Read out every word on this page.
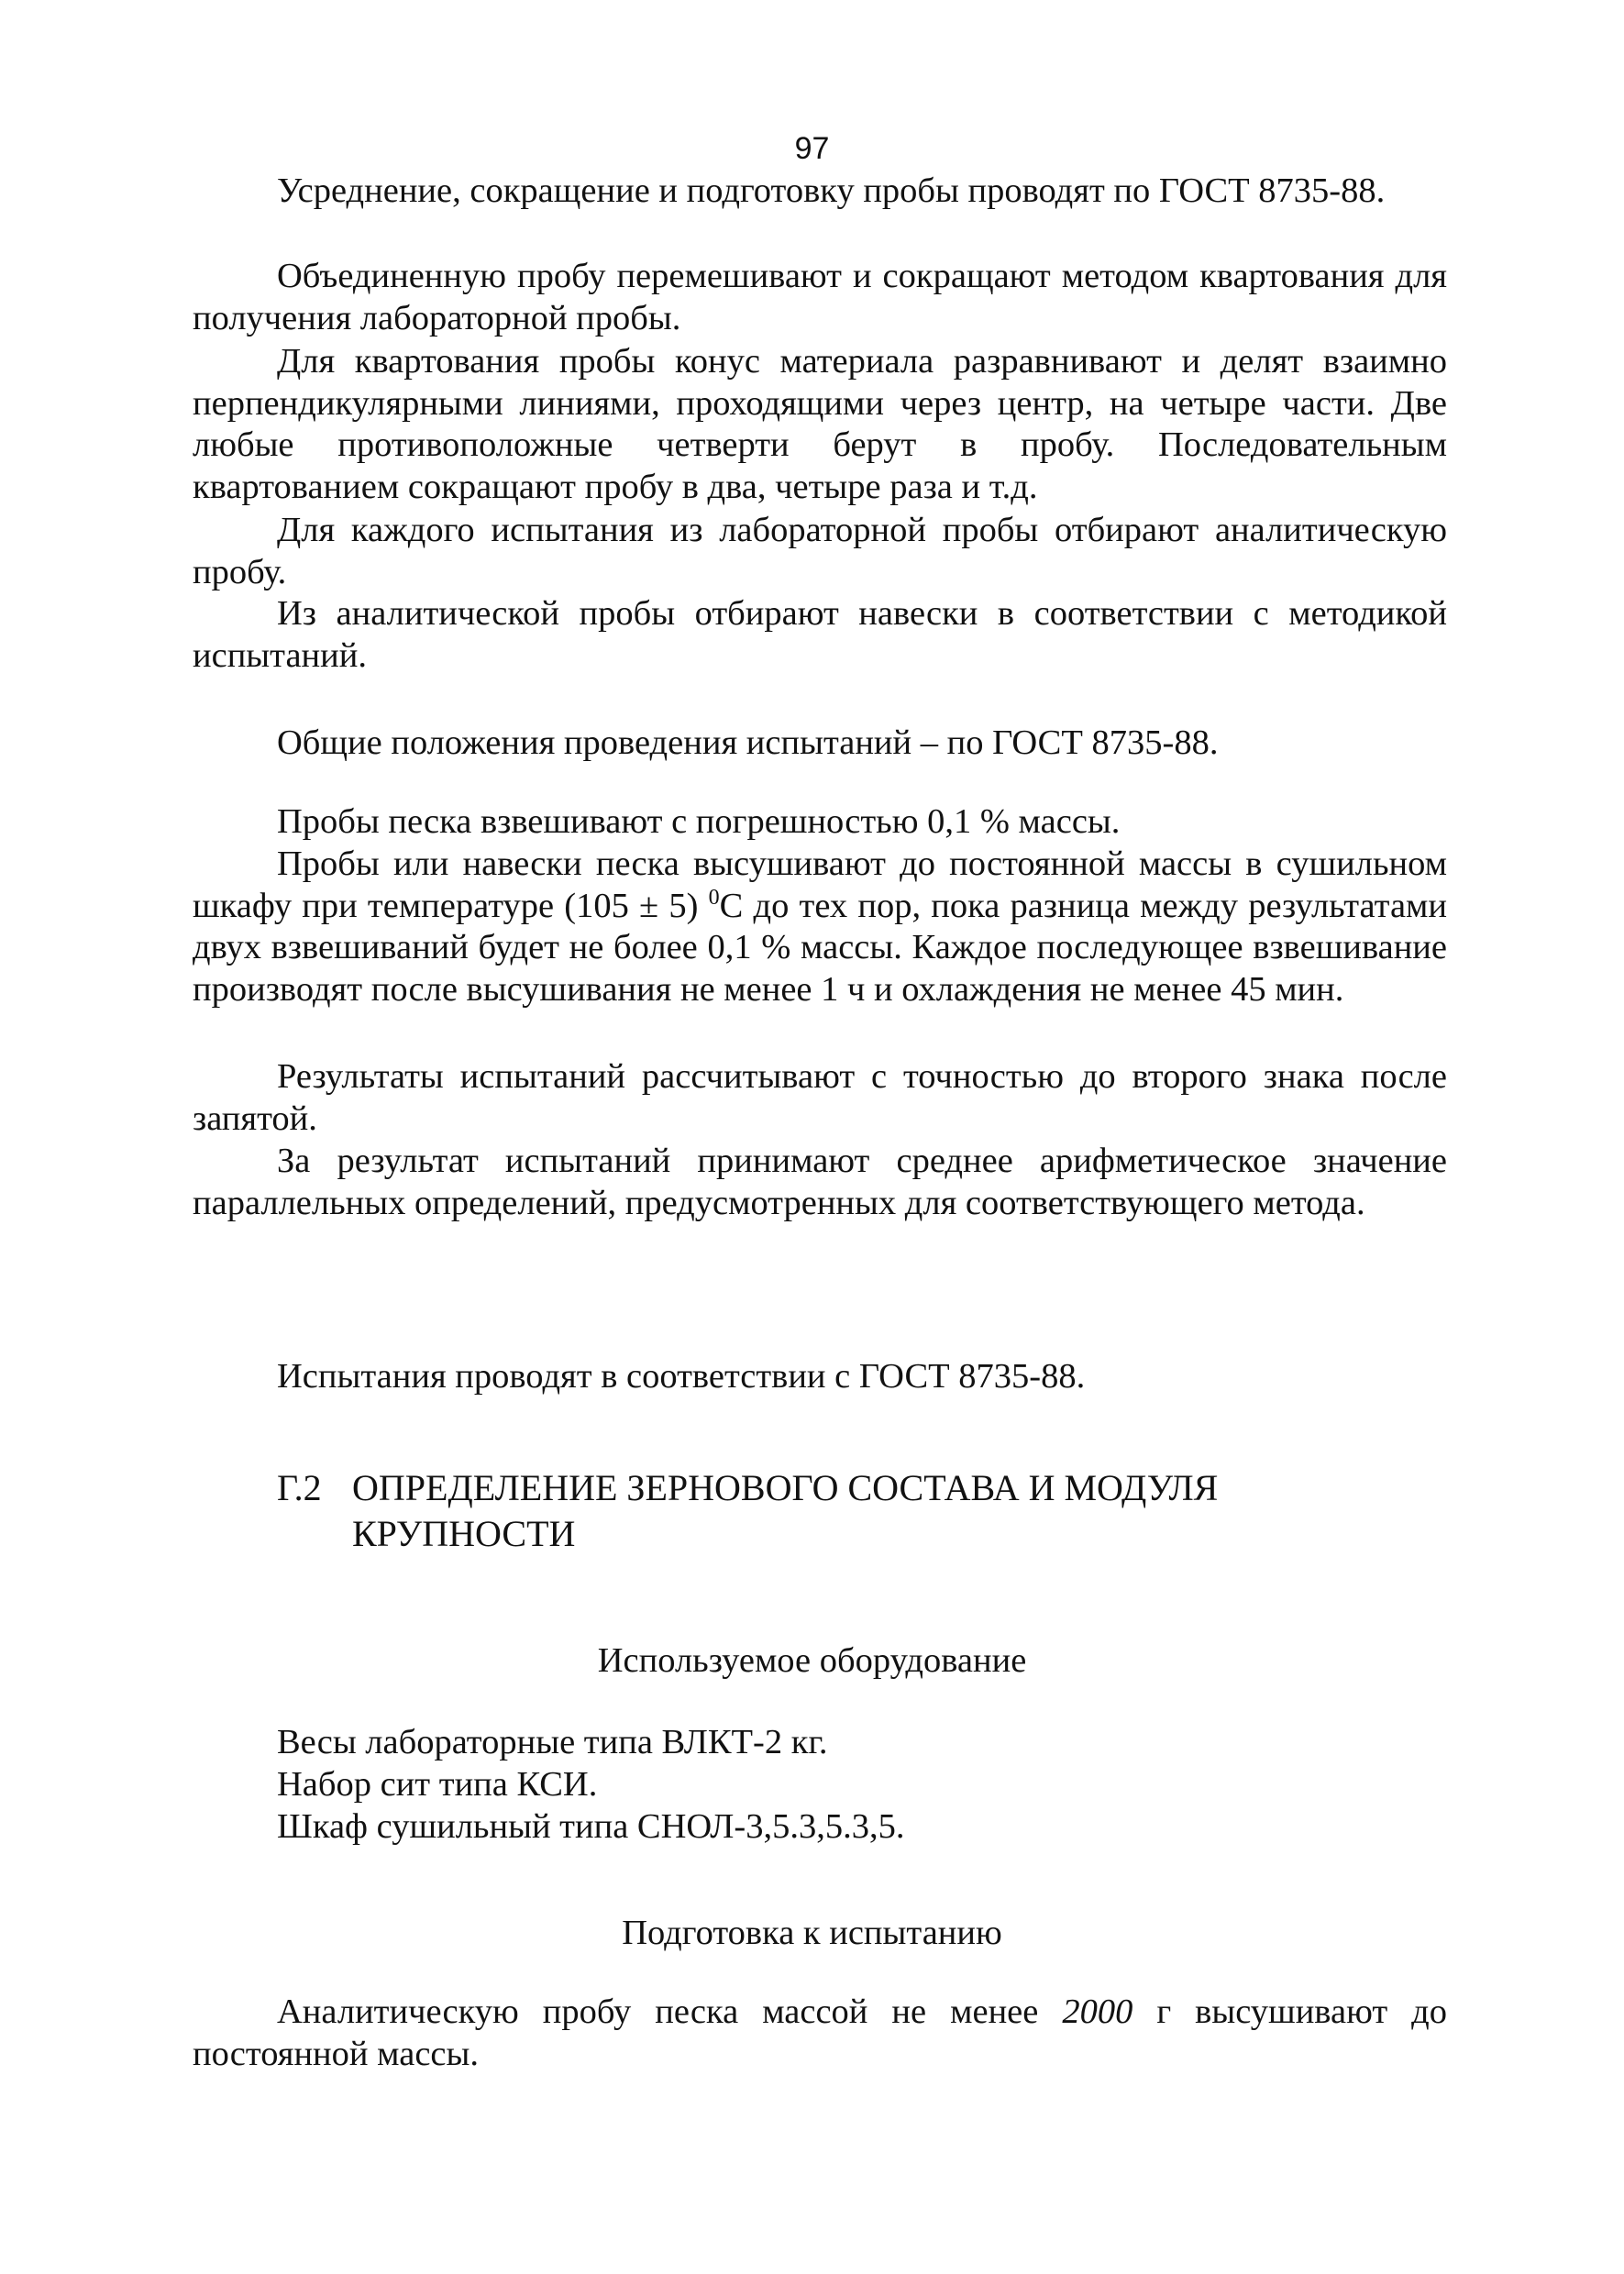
97

Усреднение, сокращение и подготовку пробы проводят по ГОСТ 8735-88.

Объединенную пробу перемешивают и сокращают методом квартования для получения лабораторной пробы.

Для квартования пробы конус материала разравнивают и делят взаимно перпендикулярными линиями, проходящими через центр, на четыре части. Две любые противоположные четверти берут в пробу. Последовательным квартованием сокращают пробу в два, четыре раза и т.д.

Для каждого испытания из лабораторной пробы отбирают аналитическую пробу.

Из аналитической пробы отбирают навески в соответствии с методикой испытаний.

Общие положения проведения испытаний – по ГОСТ 8735-88.

Пробы песка взвешивают с погрешностью 0,1 % массы.

Пробы или навески песка высушивают до постоянной массы в сушильном шкафу при температуре (105 ± 5) $^0$С до тех пор, пока разница между результатами двух взвешиваний будет не более 0,1 % массы. Каждое последующее взвешивание производят после высушивания не менее 1 ч и охлаждения не менее 45 мин.

Результаты испытаний рассчитывают с точностью до второго знака после запятой.

За результат испытаний принимают среднее арифметическое значение параллельных определений, предусмотренных для соответствующего метода.

Испытания проводят в соответствии с ГОСТ 8735-88.

Г.2 ОПРЕДЕЛЕНИЕ ЗЕРНОВОГО СОСТАВА И МОДУЛЯ
КРУПНОСТИ

Используемое оборудование

Весы лабораторные типа ВЛКТ-2 кг.
Набор сит типа КСИ.
Шкаф сушильный типа СНОЛ-3,5.3,5.3,5.

Подготовка к испытанию

Аналитическую пробу песка массой не менее 2000 г высушивают до постоянной массы.
